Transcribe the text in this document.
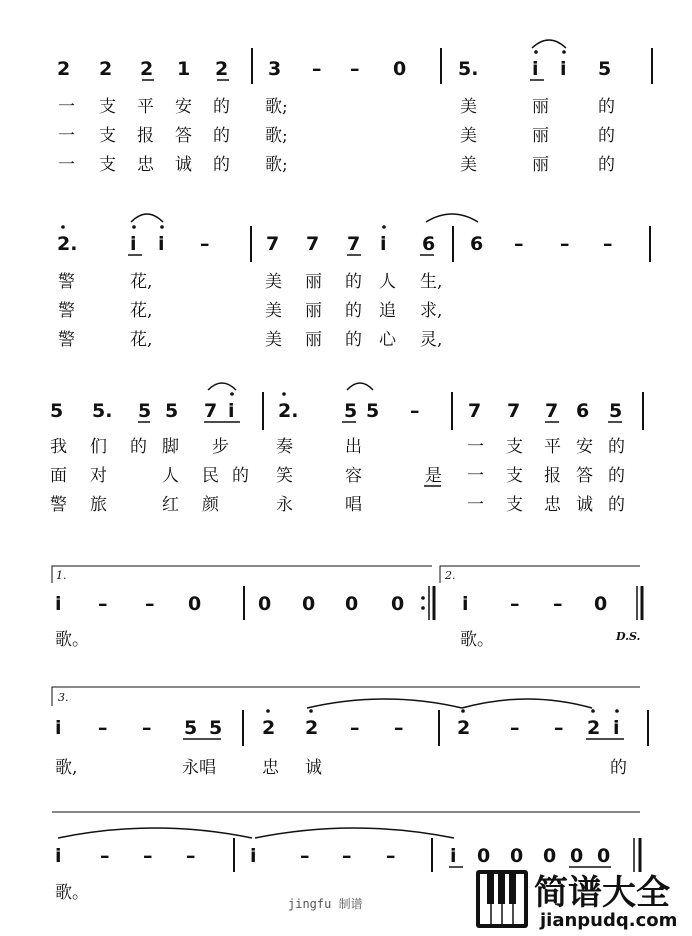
2 2 2 1 2 3 – – 0	5.	i i 5
一 支 平 安 的 歌;	美	丽	的
一 支 报 答 的 歌;	美	丽	的
一 支 忠 诚 的 歌;	美	丽	的
2.	i i –	7 7 7 i 6 6 – – –
警	花,	美 丽 的 人 生,
警	花,	美 丽 的 追 求,
警	花,	美 丽 的 心 灵,
5 5. 5 5 7 i 2. 5 5 –	7 7 7 6 5
我 们 的 脚 步	奏	出	一 支 平 安 的
面 对	人 民 的 笑	容	是 一 支 报 答 的
警 旅	红 颜	永	唱	一 支 忠 诚 的
1.	2.
i – – 0	0 0 0 0	i – – 0
歌。	歌。	D.S.
3.
i – – 5 5 2 2 – –	2 – – 2 i
歌,	永唱	忠 诚	的
i – – –	i – – –	i 0 0 0 0 0
歌。
jingfu 制谱	简谱大全
jianpudq.com
